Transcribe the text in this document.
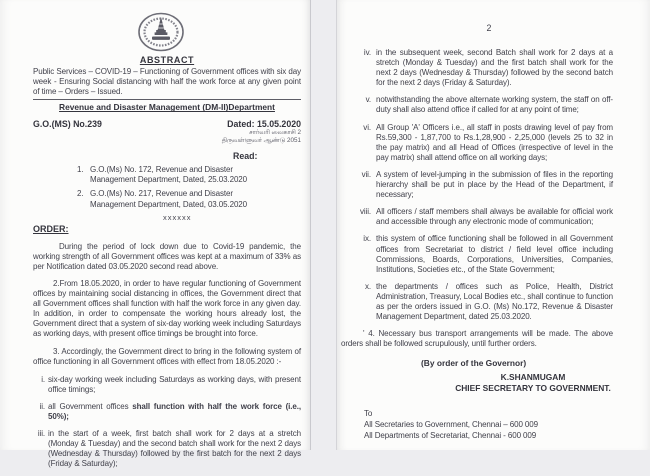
ABSTRACT
Public Services – COVID-19 – Functioning of Government offices with six day week - Ensuring Social distancing with half the work force at any given point of time – Orders – Issued.
Revenue and Disaster Management (DM-II)Department
G.O.(MS) No.239	Dated: 15.05.2020
சார்வரி வைகாசி 2
திருவள்ளுவர் ஆண்டு 2051
Read:
1. G.O.(Ms) No. 172, Revenue and Disaster Management Department, Dated, 25.03.2020
2. G.O.(Ms) No. 217, Revenue and Disaster Management Department, Dated, 03.05.2020
xxxxxx
ORDER:
During the period of lock down due to Covid-19 pandemic, the working strength of all Government offices was kept at a maximum of 33% as per Notification dated 03.05.2020 second read above.
2.From 18.05.2020, in order to have regular functioning of Government offices by maintaining social distancing in offices, the Government direct that all Government offices shall function with half the work force in any given day. In addition, in order to compensate the working hours already lost, the Government direct that a system of six-day working week including Saturdays as working days, with present office timings be brought into force.
3. Accordingly, the Government direct to bring in the following system of office functioning in all Government offices with effect from 18.05.2020 :-
i. six-day working week including Saturdays as working days, with present office timings;
ii. all Government offices shall function with half the work force (i.e., 50%);
iii. in the start of a week, first batch shall work for 2 days at a stretch (Monday & Tuesday) and the second batch shall work for the next 2 days (Wednesday & Thursday) followed by the first batch for the next 2 days (Friday & Saturday);
2
iv. in the subsequent week, second Batch shall work for 2 days at a stretch (Monday & Tuesday) and the first batch shall work for the next 2 days (Wednesday & Thursday) followed by the second batch for the next 2 days (Friday & Saturday).
v. notwithstanding the above alternate working system, the staff on off-duty shall also attend office if called for at any point of time;
vi. All Group 'A' Officers i.e., all staff in posts drawing level of pay from Rs.59,300 - 1,87,700 to Rs.1,28,900 - 2,25,000 (levels 25 to 32 in the pay matrix) and all Head of Offices (irrespective of level in the pay matrix) shall attend office on all working days;
vii. A system of level-jumping in the submission of files in the reporting hierarchy shall be put in place by the Head of the Department, if necessary;
viii. All officers / staff members shall always be available for official work and accessible through any electronic mode of communication;
ix. this system of office functioning shall be followed in all Government offices from Secretariat to district / field level office including Commissions, Boards, Corporations, Universities, Companies, Institutions, Societies etc., of the State Government;
x. the departments / offices such as Police, Health, District Administration, Treasury, Local Bodies etc., shall continue to function as per the orders issued in G.O. (Ms) No.172, Revenue & Disaster Management Department, dated 25.03.2020.
' 4. Necessary bus transport arrangements will be made. The above orders shall be followed scrupulously, until further orders.
(By order of the Governor)
K.SHANMUGAM
CHIEF SECRETARY TO GOVERNMENT.
To
All Secretaries to Government, Chennai – 600 009
All Departments of Secretariat, Chennai - 600 009
